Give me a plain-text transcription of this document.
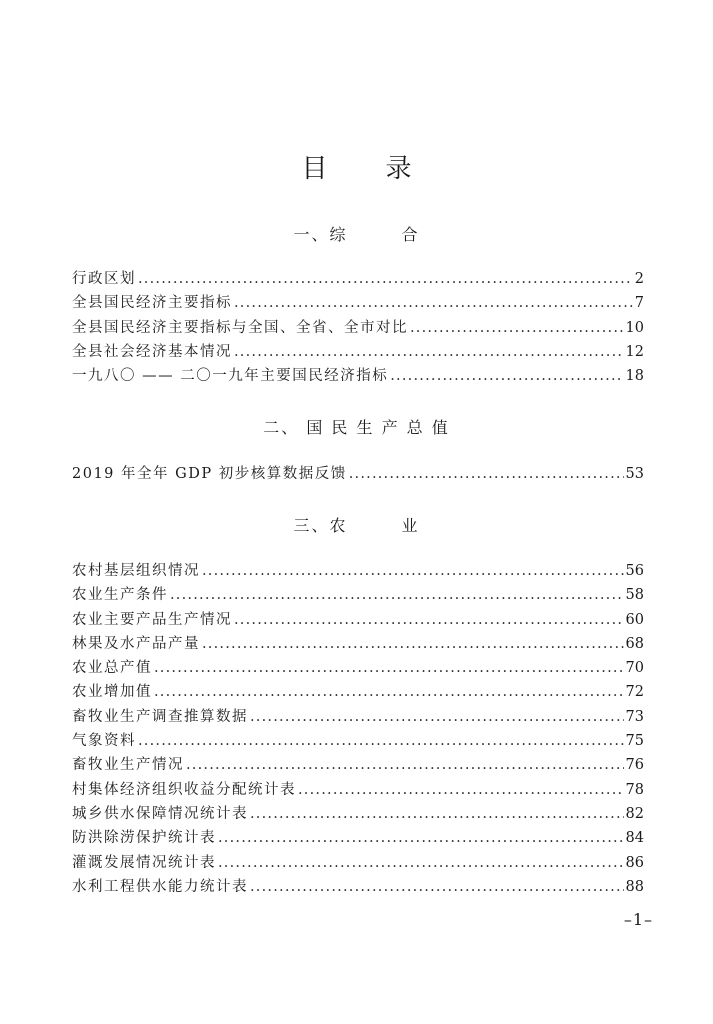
目 录
一、综　　　合
行政区划 .....	2
全县国民经济主要指标 .....	7
全县国民经济主要指标与全国、全省、全市对比 .....	10
全县社会经济基本情况 .....	12
一九八〇 —— 二〇一九年主要国民经济指标 .....	18
二、 国 民 生 产 总 值
2019 年全年 GDP 初步核算数据反馈 .....	53
三、农　　　业
农村基层组织情况 .....	56
农业生产条件 .....	58
农业主要产品生产情况 .....	60
林果及水产品产量 .....	68
农业总产值 .....	70
农业增加值 .....	72
畜牧业生产调查推算数据 .....	73
气象资料 .....	75
畜牧业生产情况 .....	76
村集体经济组织收益分配统计表 .....	78
城乡供水保障情况统计表 .....	82
防洪除涝保护统计表 .....	84
灌溉发展情况统计表 .....	86
水利工程供水能力统计表 .....	88
–1–
